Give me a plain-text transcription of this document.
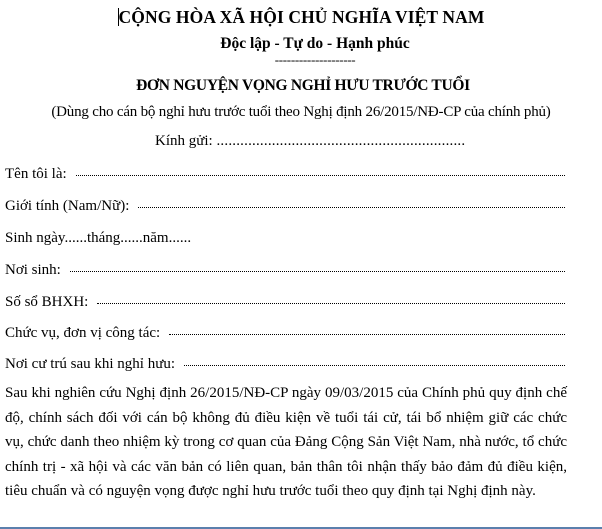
CỘNG HÒA XÃ HỘI CHỦ NGHĨA VIỆT NAM
Độc lập - Tự do - Hạnh phúc
--------------------
ĐƠN NGUYỆN VỌNG NGHỈ HƯU TRƯỚC TUỔI
(Dùng cho cán bộ nghỉ hưu trước tuổi theo Nghị định 26/2015/NĐ-CP của chính phủ)
Kính gửi: ...............................................................
Tên tôi là:
Giới tính (Nam/Nữ):
Sinh ngày......tháng......năm......
Nơi sinh:
Số sổ BHXH:
Chức vụ, đơn vị công tác:
Nơi cư trú sau khi nghỉ hưu:
Sau khi nghiên cứu Nghị định 26/2015/NĐ-CP ngày 09/03/2015 của Chính phủ quy định chế độ, chính sách đối với cán bộ không đủ điều kiện về tuổi tái cử, tái bổ nhiệm giữ các chức vụ, chức danh theo nhiệm kỳ trong cơ quan của Đảng Cộng Sản Việt Nam, nhà nước, tổ chức chính trị - xã hội và các văn bản có liên quan, bản thân tôi nhận thấy bảo đảm đủ điều kiện, tiêu chuẩn và có nguyện vọng được nghỉ hưu trước tuổi theo quy định tại Nghị định này.
